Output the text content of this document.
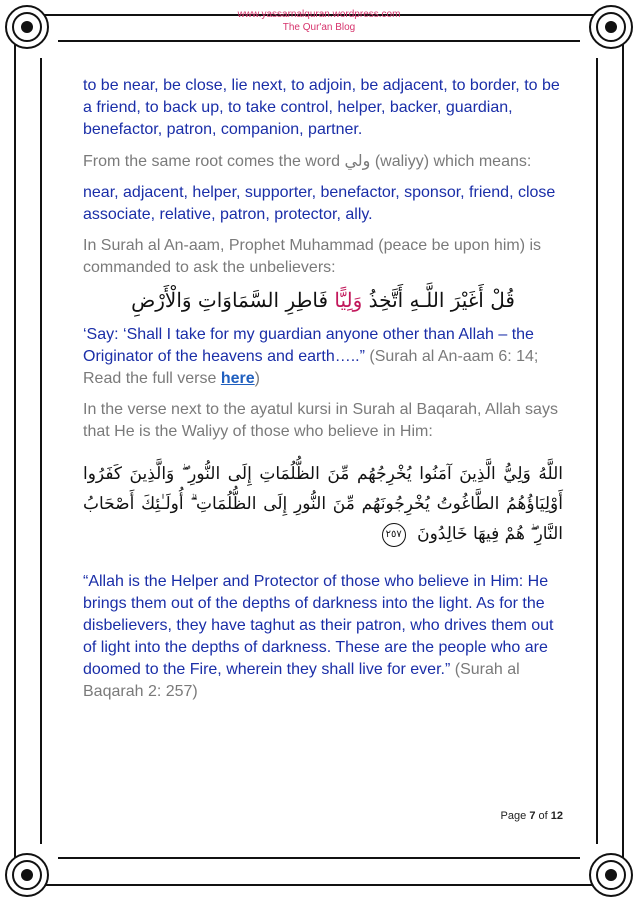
www.yassarnalquran.wordpress.com
The Qur'an Blog

to be near, be close, lie next, to adjoin, be adjacent, to border, to be a friend, to back up, to take control, helper, backer, guardian, benefactor, patron, companion, partner.

From the same root comes the word ولي (waliyy) which means:

near, adjacent, helper, supporter, benefactor, sponsor, friend, close associate, relative, patron, protector, ally.

In Surah al An-aam, Prophet Muhammad (peace be upon him) is commanded to ask the unbelievers:

قُلْ أَغَيْرَ اللَّـهِ أَتَّخِذُ وَلِيًّا فَاطِرِ السَّمَاوَاتِ وَالْأَرْضِ

‘Say: ‘Shall I take for my guardian anyone other than Allah – the Originator of the heavens and earth…..” (Surah al An-aam 6: 14; Read the full verse here)

In the verse next to the ayatul kursi in Surah al Baqarah, Allah says that He is the Waliyy of those who believe in Him:

اللَّهُ وَلِيُّ الَّذِينَ آمَنُوا يُخْرِجُهُم مِّنَ الظُّلُمَاتِ إِلَى النُّورِ ۖ وَالَّذِينَ كَفَرُوا أَوْلِيَاؤُهُمُ الطَّاغُوتُ يُخْرِجُونَهُم مِّنَ النُّورِ إِلَى الظُّلُمَاتِ ۗ أُولَـٰئِكَ أَصْحَابُ النَّارِ ۖ هُمْ فِيهَا خَالِدُونَ ٢٥٧

“Allah is the Helper and Protector of those who believe in Him: He brings them out of the depths of darkness into the light. As for the disbelievers, they have taghut as their patron, who drives them out of light into the depths of darkness. These are the people who are doomed to the Fire, wherein they shall live for ever.” (Surah al Baqarah 2: 257)

Page 7 of 12
